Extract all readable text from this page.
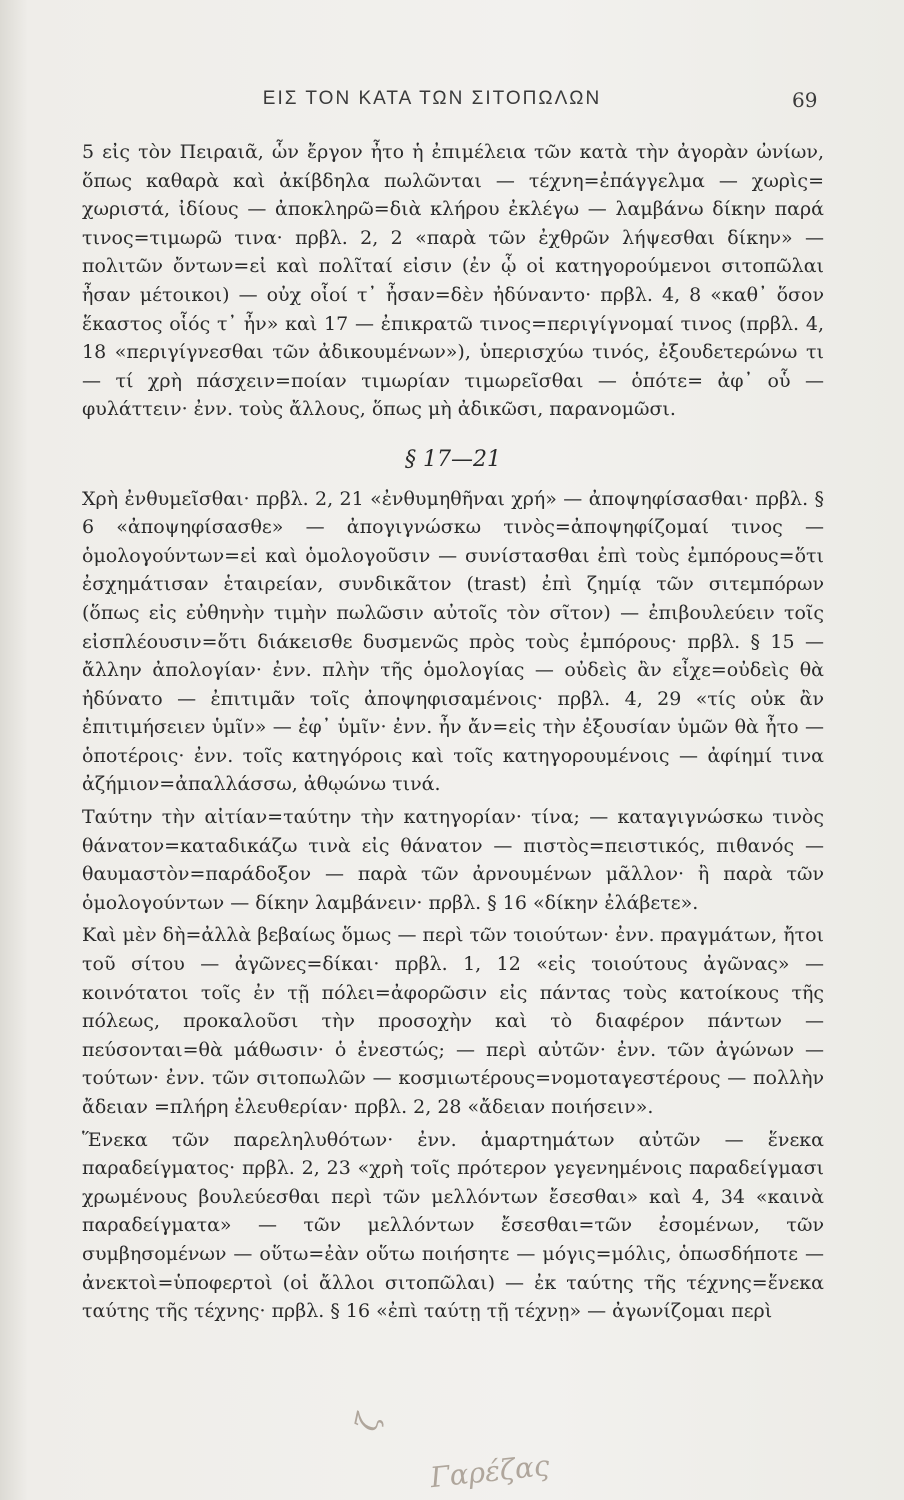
ΕΙΣ ΤΟΝ ΚΑΤΑ ΤΩΝ ΣΙΤΟΠΩΛΩΝ	69

5 εἰς τὸν Πειραιᾶ, ὧν ἔργον ἦτο ἡ ἐπιμέλεια τῶν κατὰ τὴν ἀγορὰν ὠνίων, ὅπως καθαρὰ καὶ ἀκίβδηλα πωλῶνται — τέχνη=ἐπάγγελμα — χωρὶς= χωριστά, ἰδίους — ἀποκληρῶ=διὰ κλήρου ἐκλέγω — λαμβάνω δίκην παρά τινος=τιμωρῶ τινα· πρβλ. 2, 2 «παρὰ τῶν ἐχθρῶν λήψεσθαι δίκην» — πολιτῶν ὄντων=εἰ καὶ πολῖταί εἰσιν (ἐν ᾧ οἱ κατηγορούμενοι σιτοπῶλαι ἦσαν μέτοικοι) — οὐχ οἷοί τ᾽ ἦσαν=δὲν ἠδύναντο· πρβλ. 4, 8 «καθ᾽ ὅσον ἕκαστος οἷός τ᾽ ἦν» καὶ 17 — ἐπικρατῶ τινος=περιγίγνομαί τινος (πρβλ. 4, 18 «περιγίγνεσθαι τῶν ἀδικουμένων»), ὑπερισχύω τινός, ἐξουδετερώνω τι — τί χρὴ πάσχειν=ποίαν τιμωρίαν τιμωρεῖσθαι — ὁπότε= ἀφ᾽ οὗ — φυλάττειν· ἐνν. τοὺς ἄλλους, ὅπως μὴ ἀδικῶσι, παρανομῶσι.

§ 17—21

Χρὴ ἐνθυμεῖσθαι· πρβλ. 2, 21 «ἐνθυμηθῆναι χρή» — ἀποψηφίσασθαι· πρβλ. § 6 «ἀποψηφίσασθε» — ἀπογιγνώσκω τινὸς=ἀποψηφίζομαί τινος — ὁμολογούντων=εἰ καὶ ὁμολογοῦσιν — συνίστασθαι ἐπὶ τοὺς ἐμπόρους=ὅτι ἐσχημάτισαν ἑταιρείαν, συνδικᾶτον (trast) ἐπὶ ζημίᾳ τῶν σιτεμπόρων (ὅπως εἰς εὐθηνὴν τιμὴν πωλῶσιν αὐτοῖς τὸν σῖτον) — ἐπιβουλεύειν τοῖς εἰσπλέουσιν=ὅτι διάκεισθε δυσμενῶς πρὸς τοὺς ἐμπόρους· πρβλ. § 15 — ἄλλην ἀπολογίαν· ἐνν. πλὴν τῆς ὁμολογίας — οὐδεὶς ἂν εἶχε=οὐδεὶς θὰ ἠδύνατο — ἐπιτιμᾶν τοῖς ἀποψηφισαμένοις· πρβλ. 4, 29 «τίς οὐκ ἂν ἐπιτιμήσειεν ὑμῖν» — ἐφ᾽ ὑμῖν· ἐνν. ἦν ἄν=εἰς τὴν ἐξουσίαν ὑμῶν θὰ ἦτο — ὁποτέροις· ἐνν. τοῖς κατηγόροις καὶ τοῖς κατηγορουμένοις — ἀφίημί τινα ἀζήμιον=ἀπαλλάσσω, ἀθῳώνω τινά.

Ταύτην τὴν αἰτίαν=ταύτην τὴν κατηγορίαν· τίνα; — καταγιγνώσκω τινὸς θάνατον=καταδικάζω τινὰ εἰς θάνατον — πιστὸς=πειστικός, πιθανός — θαυμαστὸν=παράδοξον — παρὰ τῶν ἀρνουμένων μᾶλλον· ἢ παρὰ τῶν ὁμολογούντων — δίκην λαμβάνειν· πρβλ. § 16 «δίκην ἐλάβετε».

Καὶ μὲν δὴ=ἀλλὰ βεβαίως ὅμως — περὶ τῶν τοιούτων· ἐνν. πραγμάτων, ἤτοι τοῦ σίτου — ἀγῶνες=δίκαι· πρβλ. 1, 12 «εἰς τοιούτους ἀγῶνας» — κοινότατοι τοῖς ἐν τῇ πόλει=ἀφορῶσιν εἰς πάντας τοὺς κατοίκους τῆς πόλεως, προκαλοῦσι τὴν προσοχὴν καὶ τὸ διαφέρον πάντων — πεύσονται=θὰ μάθωσιν· ὁ ἐνεστώς; — περὶ αὐτῶν· ἐνν. τῶν ἀγώνων — τούτων· ἐνν. τῶν σιτοπωλῶν — κοσμιωτέρους=νομοταγεστέρους — πολλὴν ἄδειαν =πλήρη ἐλευθερίαν· πρβλ. 2, 28 «ἄδειαν ποιήσειν».

Ἕνεκα τῶν παρεληλυθότων· ἐνν. ἁμαρτημάτων αὐτῶν — ἕνεκα παραδείγματος· πρβλ. 2, 23 «χρὴ τοῖς πρότερον γεγενημένοις παραδείγμασι χρωμένους βουλεύεσθαι περὶ τῶν μελλόντων ἔσεσθαι» καὶ 4, 34 «καινὰ παραδείγματα» — τῶν μελλόντων ἔσεσθαι=τῶν ἐσομένων, τῶν συμβησομένων — οὕτω=ἐὰν οὕτω ποιήσητε — μόγις=μόλις, ὁπωσδήποτε — ἀνεκτοὶ=ὑποφερτοὶ (οἱ ἄλλοι σιτοπῶλαι) — ἐκ ταύτης τῆς τέχνης=ἕνεκα ταύτης τῆς τέχνης· πρβλ. § 16 «ἐπὶ ταύτῃ τῇ τέχνῃ» — ἀγωνίζομαι περὶ

ζ
Γαρέζας
